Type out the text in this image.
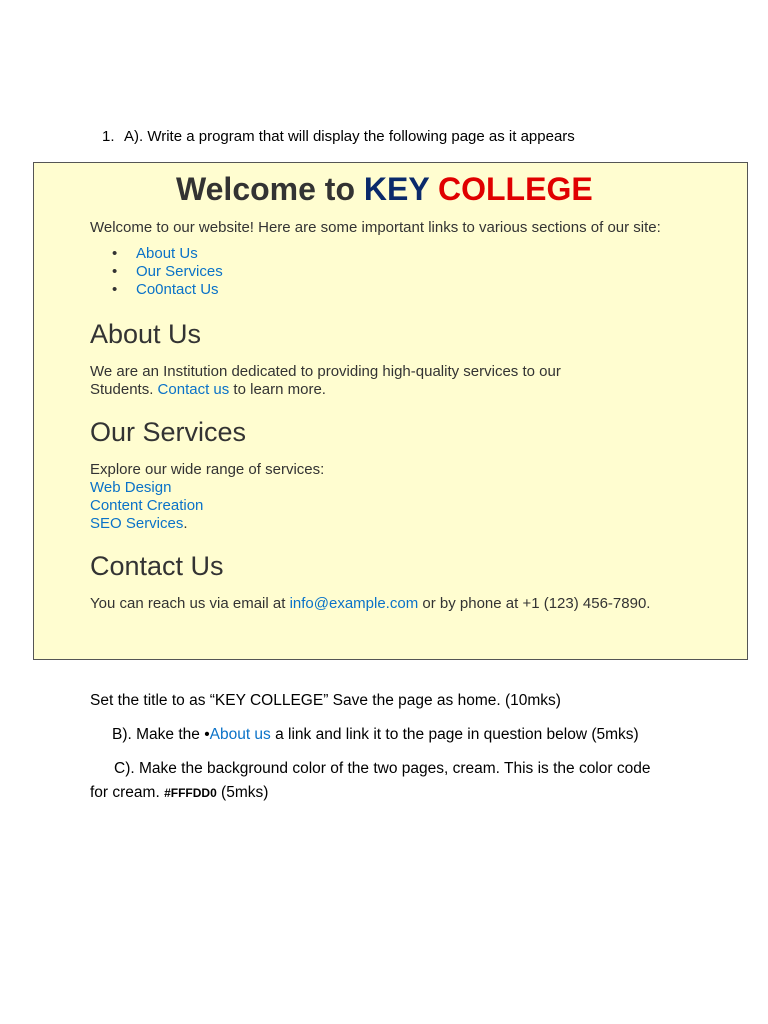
1. A). Write a program that will display the following page as it appears
Welcome to KEY COLLEGE
Welcome to our website! Here are some important links to various sections of our site:
• About Us
• Our Services
• Co0ntact Us
About Us
We are an Institution dedicated to providing high-quality services to our
Students. Contact us to learn more.
Our Services
Explore our wide range of services:
Web Design
Content Creation
SEO Services.
Contact Us
You can reach us via email at info@example.com or by phone at +1 (123) 456-7890.
Set the title to as “KEY COLLEGE” Save the page as home. (10mks)
B). Make the •About us a link and link it to the page in question below (5mks)
C). Make the background color of the two pages, cream. This is the color code
for cream. #FFFDD0 (5mks)
